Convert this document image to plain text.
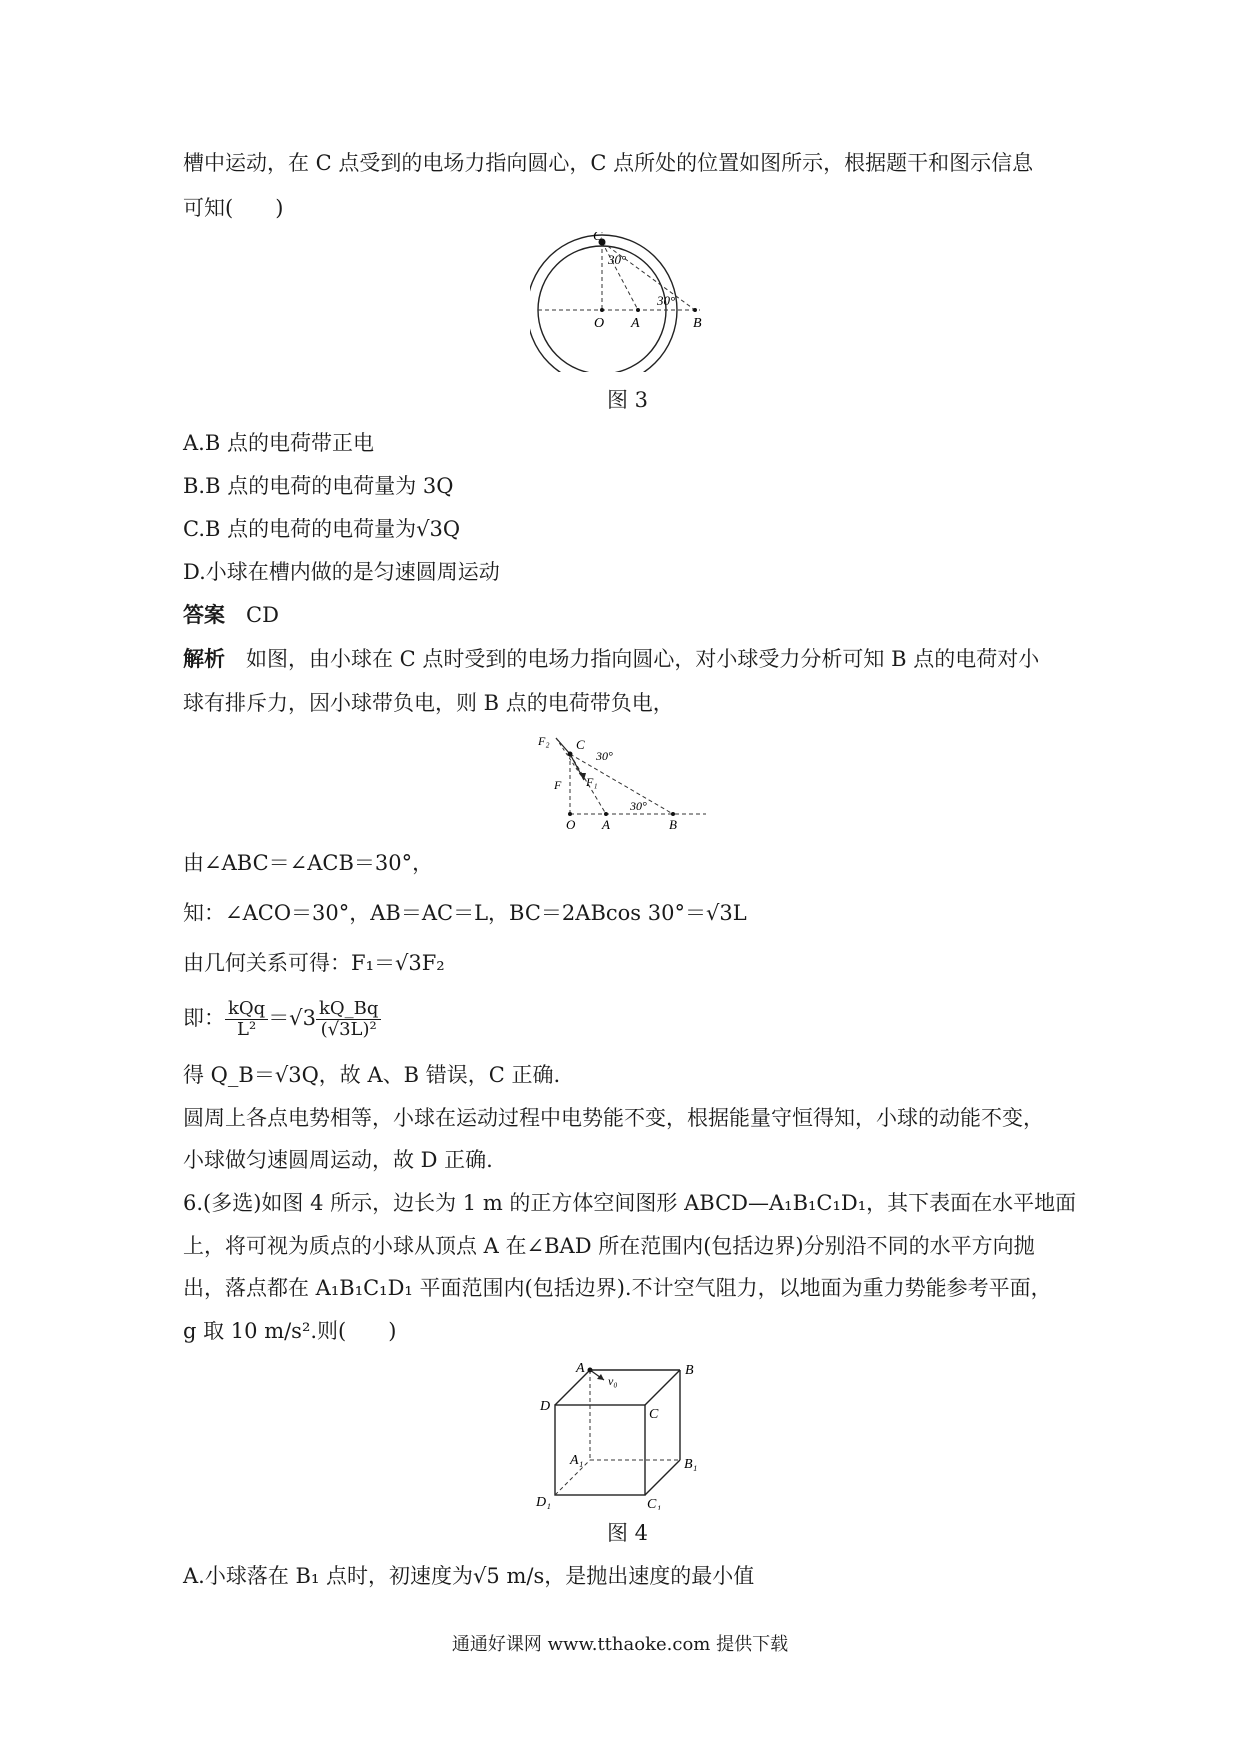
槽中运动，在 C 点受到的电场力指向圆心，C 点所处的位置如图所示，根据题干和图示信息
可知(　　)
C
30°
30°
O A	B
图 3
A.B 点的电荷带正电
B.B 点的电荷的电荷量为 3Q
C.B 点的电荷的电荷量为√3Q
D.小球在槽内做的是匀速圆周运动
答案　 CD
解析　 如图，由小球在 C 点时受到的电场力指向圆心，对小球受力分析可知 B 点的电荷对小
球有排斥力，因小球带负电，则 B 点的电荷带负电，
F₂ C
30°
F F₁
30°
O A	B
由∠ABC＝∠ACB＝30°，
知：∠ACO＝30°，AB＝AC＝L，BC＝2ABcos 30°＝√3L
由几何关系可得：F₁＝√3F₂
即： $\frac{\text{kQq}}{\text{L²}} =√3 \frac{kQ\_Bq}{\text{(√3L)²}}$
得 Q_B＝√3Q，故 A、B 错误，C 正确.
圆周上各点电势相等，小球在运动过程中电势能不变，根据能量守恒得知，小球的动能不变，
小球做匀速圆周运动，故 D 正确.
6.(多选)如图 4 所示，边长为 1 m 的正方体空间图形 ABCD—A₁B₁C₁D₁，其下表面在水平地面
上，将可视为质点的小球从顶点 A 在∠BAD 所在范围内(包括边界)分别沿不同的水平方向抛
出，落点都在 A₁B₁C₁D₁ 平面范围内(包括边界).不计空气阻力，以地面为重力势能参考平面，
g 取 10 m/s².则(　　)
A
v₀
B
D
C
A₁	B₁
D₁	C₁
图 4
A.小球落在 B₁ 点时，初速度为√5 m/s，是抛出速度的最小值
通通好课网 www.tthaoke.com 提供下载
